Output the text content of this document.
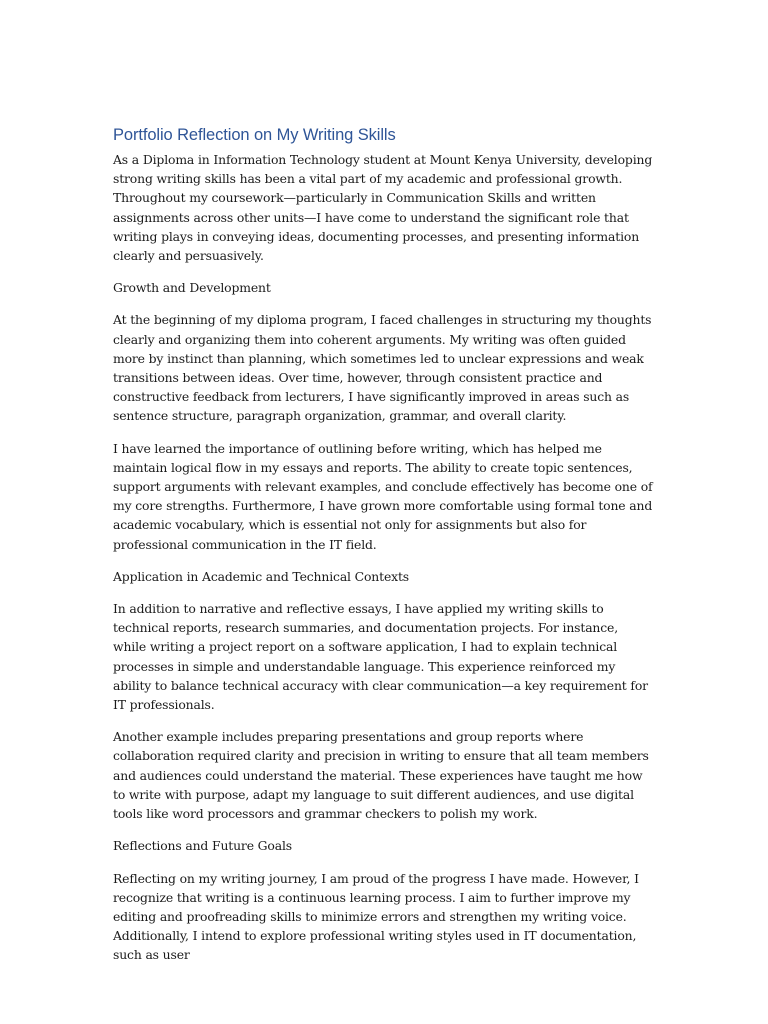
Portfolio Reflection on My Writing Skills

As a Diploma in Information Technology student at Mount Kenya University, developing strong writing skills has been a vital part of my academic and professional growth. Throughout my coursework—particularly in Communication Skills and written assignments across other units—I have come to understand the significant role that writing plays in conveying ideas, documenting processes, and presenting information clearly and persuasively.

Growth and Development

At the beginning of my diploma program, I faced challenges in structuring my thoughts clearly and organizing them into coherent arguments. My writing was often guided more by instinct than planning, which sometimes led to unclear expressions and weak transitions between ideas. Over time, however, through consistent practice and constructive feedback from lecturers, I have significantly improved in areas such as sentence structure, paragraph organization, grammar, and overall clarity.

I have learned the importance of outlining before writing, which has helped me maintain logical flow in my essays and reports. The ability to create topic sentences, support arguments with relevant examples, and conclude effectively has become one of my core strengths. Furthermore, I have grown more comfortable using formal tone and academic vocabulary, which is essential not only for assignments but also for professional communication in the IT field.

Application in Academic and Technical Contexts

In addition to narrative and reflective essays, I have applied my writing skills to technical reports, research summaries, and documentation projects. For instance, while writing a project report on a software application, I had to explain technical processes in simple and understandable language. This experience reinforced my ability to balance technical accuracy with clear communication—a key requirement for IT professionals.

Another example includes preparing presentations and group reports where collaboration required clarity and precision in writing to ensure that all team members and audiences could understand the material. These experiences have taught me how to write with purpose, adapt my language to suit different audiences, and use digital tools like word processors and grammar checkers to polish my work.

Reflections and Future Goals

Reflecting on my writing journey, I am proud of the progress I have made. However, I recognize that writing is a continuous learning process. I aim to further improve my editing and proofreading skills to minimize errors and strengthen my writing voice. Additionally, I intend to explore professional writing styles used in IT documentation, such as user
